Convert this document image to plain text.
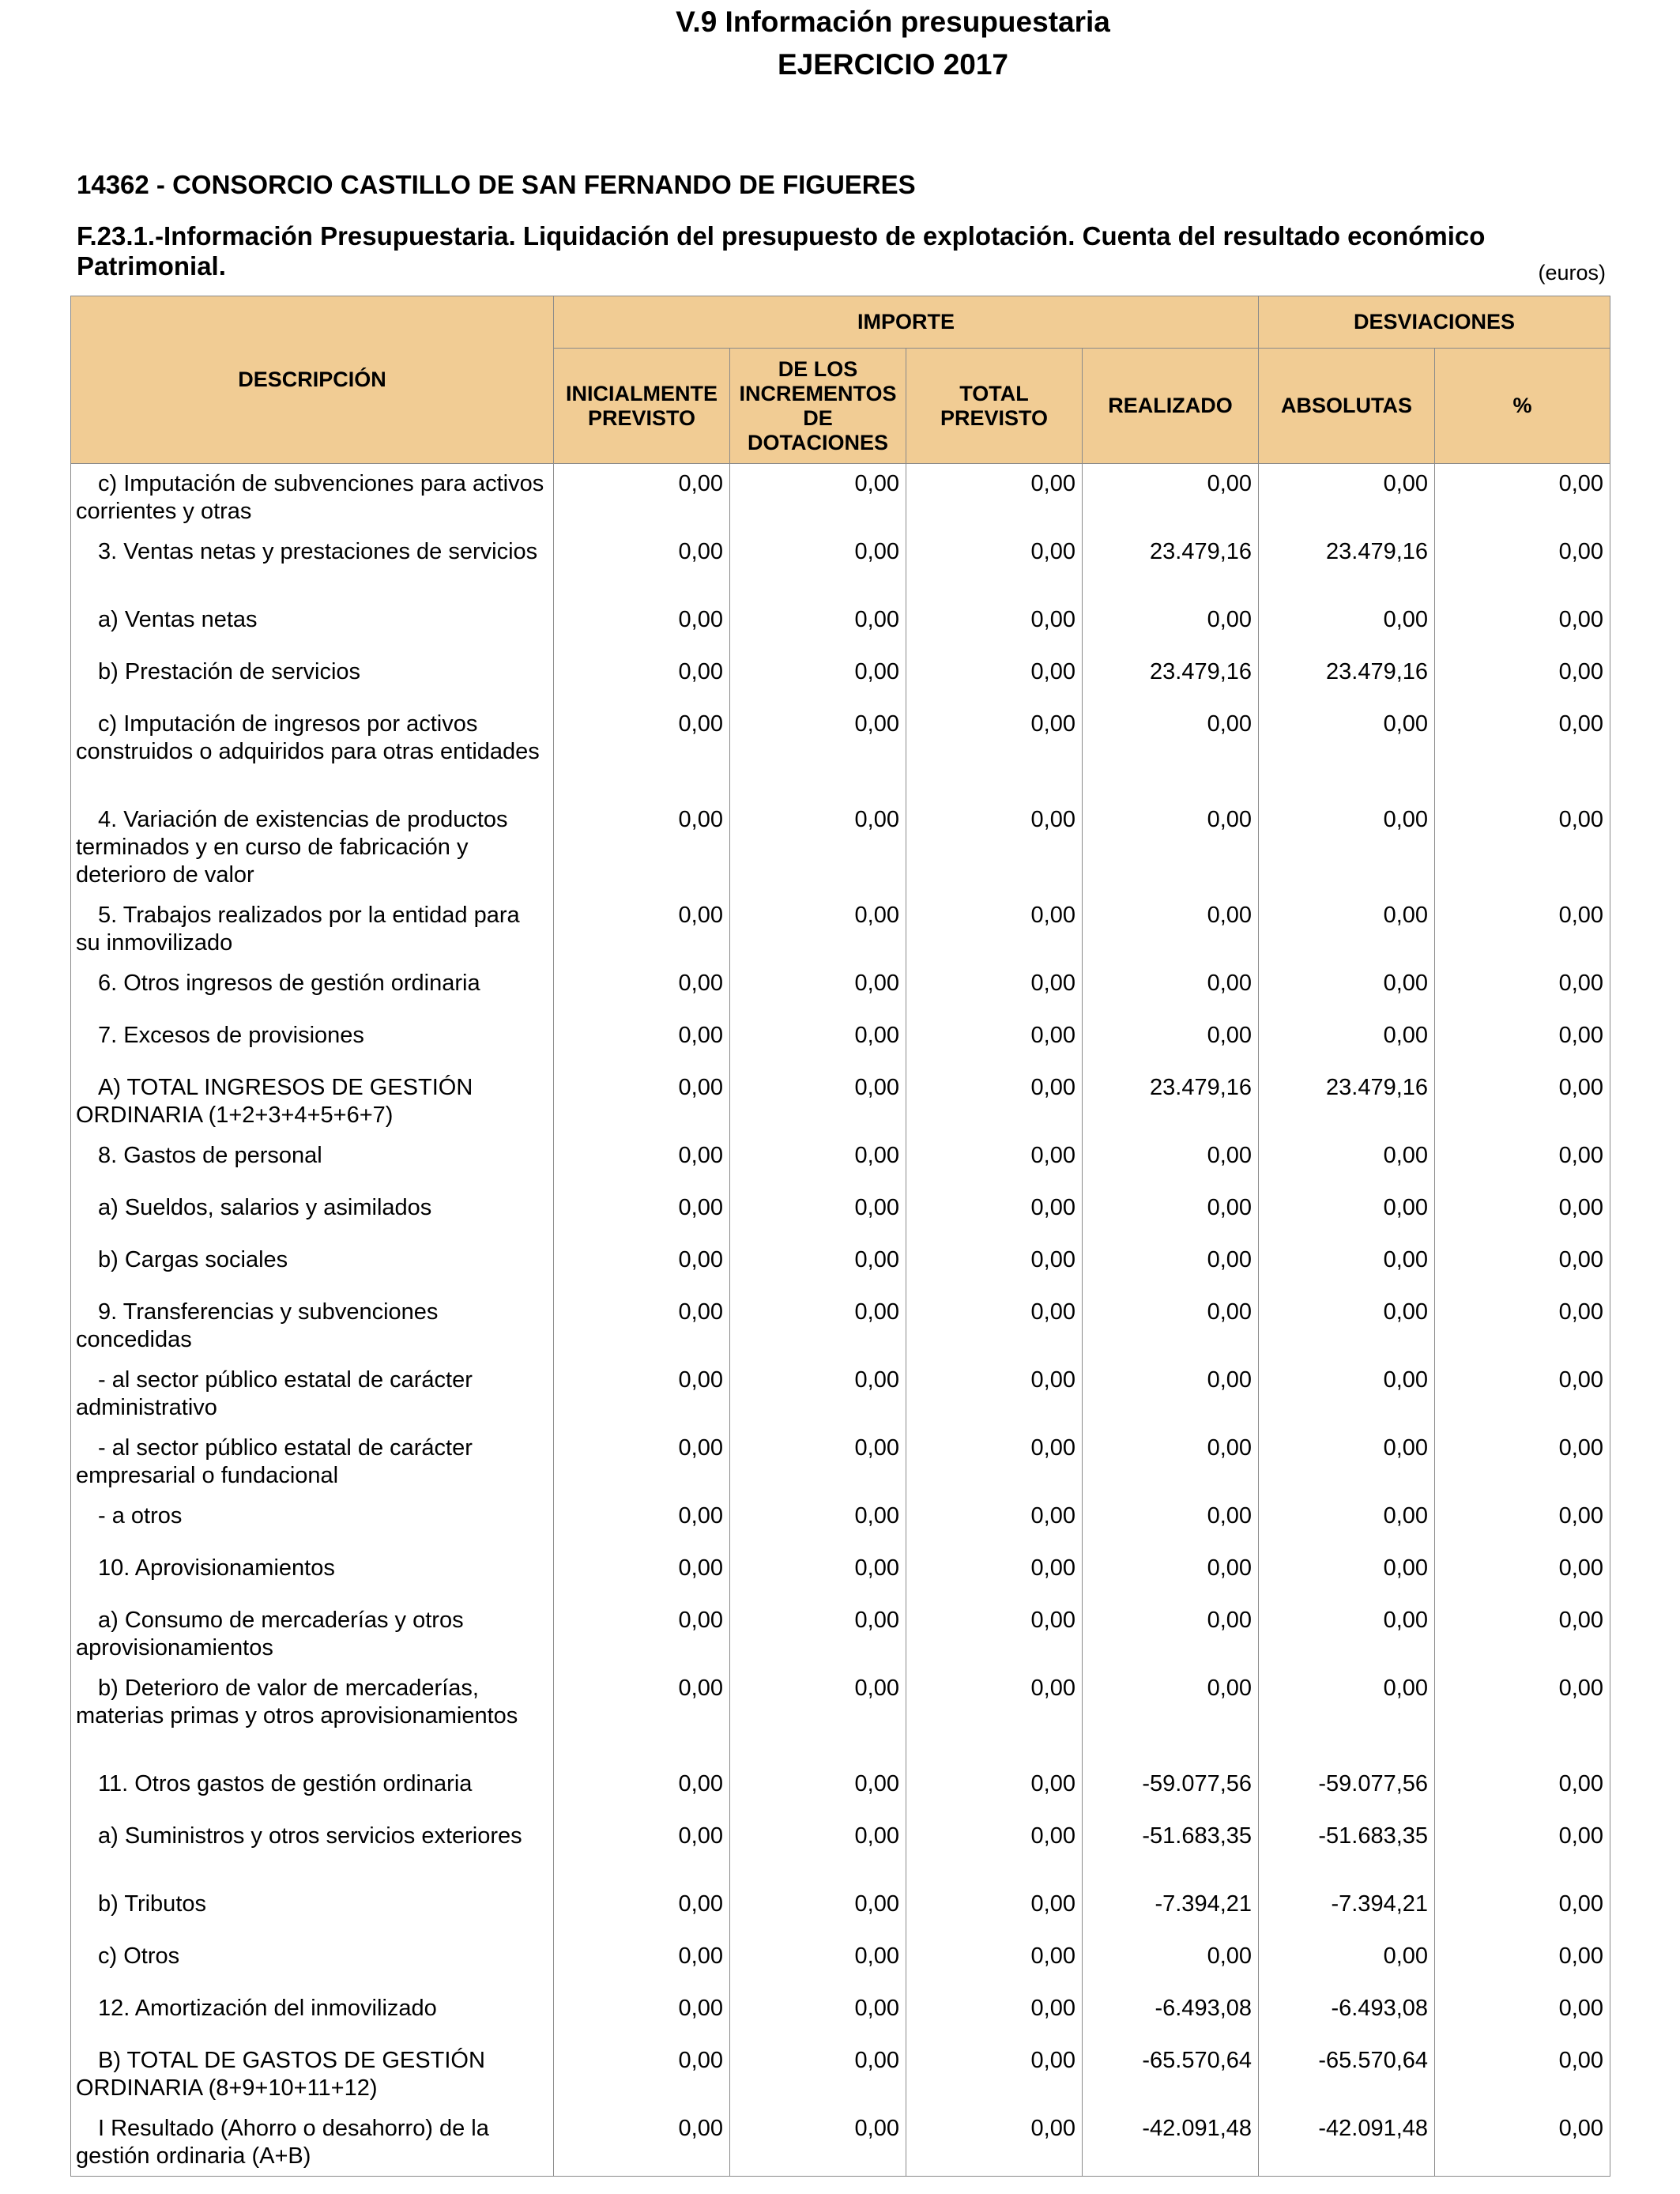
V.9 Información presupuestaria
EJERCICIO 2017
14362 - CONSORCIO CASTILLO DE SAN FERNANDO DE FIGUERES
F.23.1.-Información Presupuestaria. Liquidación del presupuesto de explotación. Cuenta del resultado económico Patrimonial.	(euros)
DESCRIPCIÓN	IMPORTE				DESVIACIONES	
	INICIALMENTE PREVISTO	DE LOS INCREMENTOS DE DOTACIONES	TOTAL PREVISTO	REALIZADO	ABSOLUTAS	%
c) Imputación de subvenciones para activos corrientes y otras	0,00	0,00	0,00	0,00	0,00	0,00
3. Ventas netas y prestaciones de servicios	0,00	0,00	0,00	23.479,16	23.479,16	0,00
a) Ventas netas	0,00	0,00	0,00	0,00	0,00	0,00
b) Prestación de servicios	0,00	0,00	0,00	23.479,16	23.479,16	0,00
c) Imputación de ingresos por activos construidos o adquiridos para otras entidades	0,00	0,00	0,00	0,00	0,00	0,00
4. Variación de existencias de productos terminados y en curso de fabricación y deterioro de valor	0,00	0,00	0,00	0,00	0,00	0,00
5. Trabajos realizados por la entidad para su inmovilizado	0,00	0,00	0,00	0,00	0,00	0,00
6. Otros ingresos de gestión ordinaria	0,00	0,00	0,00	0,00	0,00	0,00
7. Excesos de provisiones	0,00	0,00	0,00	0,00	0,00	0,00
A) TOTAL INGRESOS DE GESTIÓN ORDINARIA (1+2+3+4+5+6+7)	0,00	0,00	0,00	23.479,16	23.479,16	0,00
8. Gastos de personal	0,00	0,00	0,00	0,00	0,00	0,00
a) Sueldos, salarios y asimilados	0,00	0,00	0,00	0,00	0,00	0,00
b) Cargas sociales	0,00	0,00	0,00	0,00	0,00	0,00
9. Transferencias y subvenciones concedidas	0,00	0,00	0,00	0,00	0,00	0,00
- al sector público estatal de carácter administrativo	0,00	0,00	0,00	0,00	0,00	0,00
- al sector público estatal de carácter empresarial o fundacional	0,00	0,00	0,00	0,00	0,00	0,00
- a otros	0,00	0,00	0,00	0,00	0,00	0,00
10. Aprovisionamientos	0,00	0,00	0,00	0,00	0,00	0,00
a) Consumo de mercaderías y otros aprovisionamientos	0,00	0,00	0,00	0,00	0,00	0,00
b) Deterioro de valor de mercaderías, materias primas y otros aprovisionamientos	0,00	0,00	0,00	0,00	0,00	0,00
11. Otros gastos de gestión ordinaria	0,00	0,00	0,00	-59.077,56	-59.077,56	0,00
a) Suministros y otros servicios exteriores	0,00	0,00	0,00	-51.683,35	-51.683,35	0,00
b) Tributos	0,00	0,00	0,00	-7.394,21	-7.394,21	0,00
c) Otros	0,00	0,00	0,00	0,00	0,00	0,00
12. Amortización del inmovilizado	0,00	0,00	0,00	-6.493,08	-6.493,08	0,00
B) TOTAL DE GASTOS DE GESTIÓN ORDINARIA (8+9+10+11+12)	0,00	0,00	0,00	-65.570,64	-65.570,64	0,00
I Resultado (Ahorro o desahorro) de la gestión ordinaria (A+B)	0,00	0,00	0,00	-42.091,48	-42.091,48	0,00
